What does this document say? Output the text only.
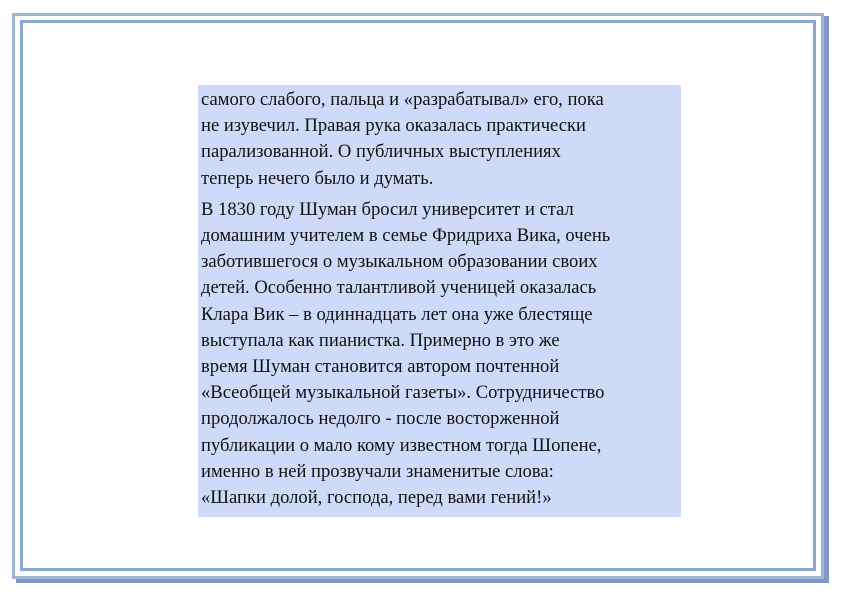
самого слабого, пальца и «разрабатывал» его, пока
не изувечил. Правая рука оказалась практически
парализованной. О публичных выступлениях
теперь нечего было и думать.

В 1830 году Шуман бросил университет и стал
домашним учителем в семье Фридриха Вика, очень
заботившегося о музыкальном образовании своих
детей. Особенно талантливой ученицей оказалась
Клара Вик – в одиннадцать лет она уже блестяще
выступала как пианистка. Примерно в это же
время Шуман становится автором почтенной
«Всеобщей музыкальной газеты». Сотрудничество
продолжалось недолго - после восторженной
публикации о мало кому известном тогда Шопене,
именно в ней прозвучали знаменитые слова:
«Шапки долой, господа, перед вами гений!»
